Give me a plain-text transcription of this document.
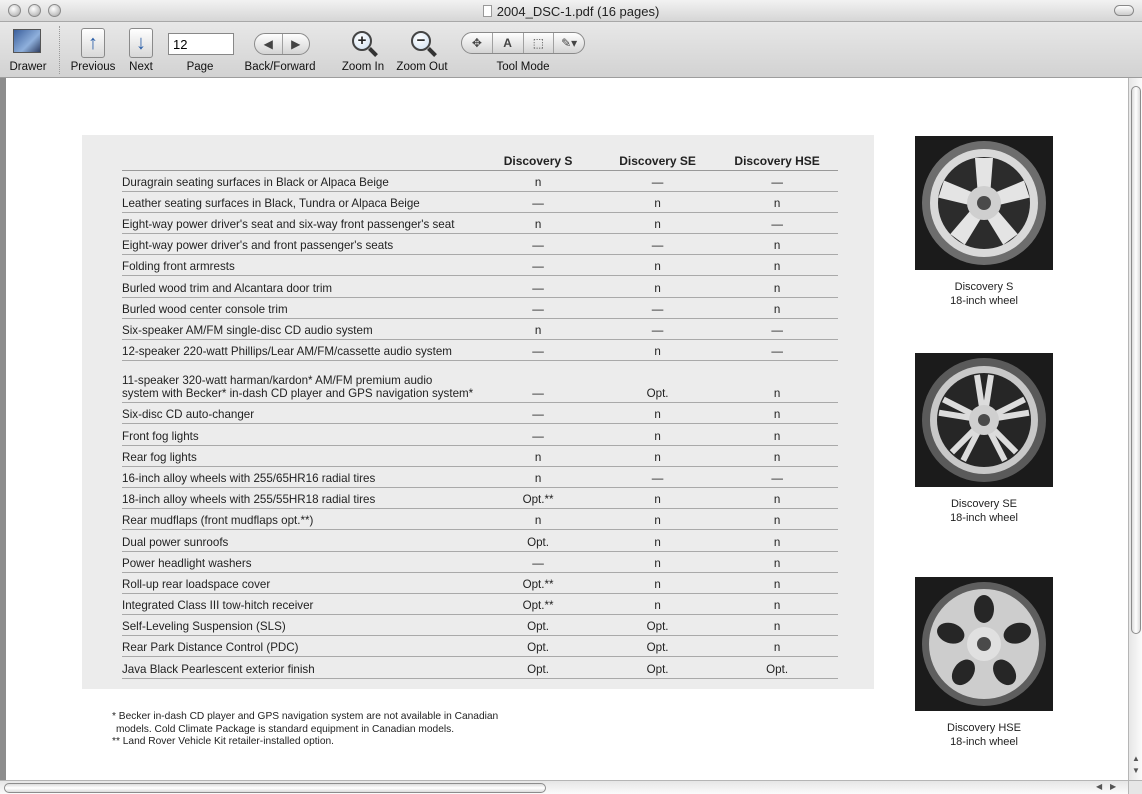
2004_DSC-1.pdf (16 pages)
Drawer
↑
Previous
↓
Next
12	Page
◀	▶
Back/Forward
+
Zoom In
−
Zoom Out
✥	A	⬚	✎▾
Tool Mode
	Discovery S	Discovery SE	Discovery HSE
Duragrain seating surfaces in Black or Alpaca Beige	n	—	—
Leather seating surfaces in Black, Tundra or Alpaca Beige	—	n	n
Eight-way power driver's seat and six-way front passenger's seat	n	n	—
Eight-way power driver's and front passenger's seats	—	—	n
Folding front armrests	—	n	n
Burled wood trim and Alcantara door trim	—	n	n
Burled wood center console trim	—	—	n
Six-speaker AM/FM single-disc CD audio system	n	—	—
12-speaker 220-watt Phillips/Lear AM/FM/cassette audio system	—	n	—

11-speaker 320-watt harman/kardon* AM/FM premium audio
system with Becker* in-dash CD player and GPS navigation system*	—	Opt.	n
Six-disc CD auto-changer	—	n	n
Front fog lights	—	n	n
Rear fog lights	n	n	n
16-inch alloy wheels with 255/65HR16 radial tires	n	—	—
18-inch alloy wheels with 255/55HR18 radial tires	Opt.**	n	n
Rear mudflaps (front mudflaps opt.**)	n	n	n
Dual power sunroofs	Opt.	n	n
Power headlight washers	—	n	n
Roll-up rear loadspace cover	Opt.**	n	n
Integrated Class III tow-hitch receiver	Opt.**	n	n
Self-Leveling Suspension (SLS)	Opt.	Opt.	n
Rear Park Distance Control (PDC)	Opt.	Opt.	n
Java Black Pearlescent exterior finish	Opt.	Opt.	Opt.
Discovery S
18-inch wheel
Discovery SE
18-inch wheel
Discovery HSE
18-inch wheel
* Becker in-dash CD player and GPS navigation system are not available in Canadian
models. Cold Climate Package is standard equipment in Canadian models.
** Land Rover Vehicle Kit retailer-installed option.
▲
▼
◀ ▶
